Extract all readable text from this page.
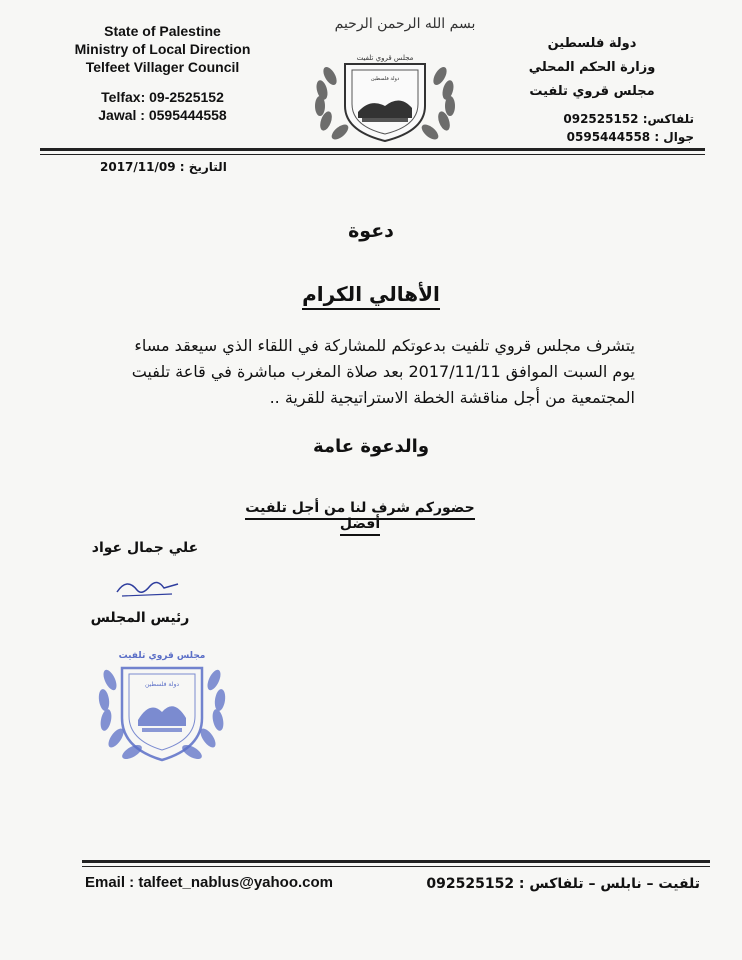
State of Palestine
Ministry of Local Direction
Telfeet Villager Council
Telfax: 09-2525152
Jawal : 0595444558
بسم الله الرحمن الرحيم
مجلس قروي تلفيت
دولة فلسطين
دولة فلسطين
وزارة الحكم المحلي
مجلس قروي تلفيت
تلفاكس: 092525152
جوال : 0595444558
التاريخ : 2017/11/09
دعوة
الأهالي الكرام

يتشرف مجلس قروي تلفيت بدعوتكم للمشاركة في اللقاء الذي سيعقد مساء

يوم السبت الموافق 2017/11/11 بعد صلاة المغرب مباشرة في قاعة تلفيت

المجتمعية من أجل مناقشة الخطة الاستراتيجية للقرية ..

والدعوة عامة
حضوركم شرف لنا من أجل تلفيت أفضل
علي جمال عواد
رئيس المجلس
مجلس قروي تلفيت
دولة فلسطين
Email : talfeet_nablus@yahoo.com	تلفيت – نابلس – تلفاكس : 092525152
